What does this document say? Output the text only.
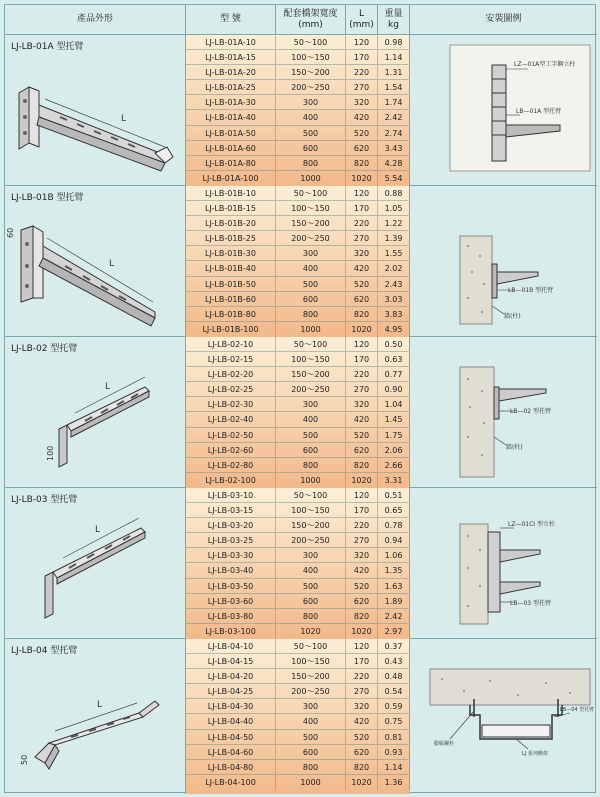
產品外形	型 號
配套橋架寬度
(mm)
L
(mm)
重量
kg
安裝圖例
LJ-LB-01A 型托臂
L
LJ-LB-01A-10	50～100	120	0.98
LJ-LB-01A-15	100～150	170	1.14
LJ-LB-01A-20	150～200	220	1.31
LJ-LB-01A-25	200～250	270	1.54
LJ-LB-01A-30	300	320	1.74
LJ-LB-01A-40	400	420	2.42
LJ-LB-01A-50	500	520	2.74
LJ-LB-01A-60	600	620	3.43
LJ-LB-01A-80	800	820	4.28
LJ-LB-01A-100	1000	1020	5.54
LZ—01A型工字鋼立柱
LB—01A 型托臂
LJ-LB-01B 型托臂
L
60
LJ-LB-01B-10	50～100	120	0.88
LJ-LB-01B-15	100～150	170	1.05
LJ-LB-01B-20	150～200	220	1.22
LJ-LB-01B-25	200～250	270	1.39
LJ-LB-01B-30	300	320	1.55
LJ-LB-01B-40	400	420	2.02
LJ-LB-01B-50	500	520	2.43
LJ-LB-01B-60	600	620	3.03
LJ-LB-01B-80	800	820	3.83
LJ-LB-01B-100	1000	1020	4.95
LB—01B 型托臂
牆(柱)
LJ-LB-02 型托臂
L
100
LJ-LB-02-10	50～100	120	0.50
LJ-LB-02-15	100～150	170	0.63
LJ-LB-02-20	150～200	220	0.77
LJ-LB-02-25	200～250	270	0.90
LJ-LB-02-30	300	320	1.04
LJ-LB-02-40	400	420	1.45
LJ-LB-02-50	500	520	1.75
LJ-LB-02-60	600	620	2.06
LJ-LB-02-80	800	820	2.66
LJ-LB-02-100	1000	1020	3.31
LB—02 型托臂
牆(柱)
LJ-LB-03 型托臂
L
LJ-LB-03-10	50～100	120	0.51
LJ-LB-03-15	100～150	170	0.65
LJ-LB-03-20	150～200	220	0.78
LJ-LB-03-25	200～250	270	0.94
LJ-LB-03-30	300	320	1.06
LJ-LB-03-40	400	420	1.35
LJ-LB-03-50	500	520	1.63
LJ-LB-03-60	600	620	1.89
LJ-LB-03-80	800	820	2.42
LJ-LB-03-100	1020	1020	2.97
LZ—01CI 型立柱
LB—03 型托臂
LJ-LB-04 型托臂
L
50
LJ-LB-04-10	50～100	120	0.37
LJ-LB-04-15	100～150	170	0.43
LJ-LB-04-20	150～200	220	0.48
LJ-LB-04-25	200～250	270	0.54
LJ-LB-04-30	300	320	0.59
LJ-LB-04-40	400	420	0.75
LJ-LB-04-50	500	520	0.81
LJ-LB-04-60	600	620	0.93
LJ-LB-04-80	800	820	1.14
LJ-LB-04-100	1000	1020	1.36
LB—04 型托臂
膨脹螺栓
LJ 系列橋架
